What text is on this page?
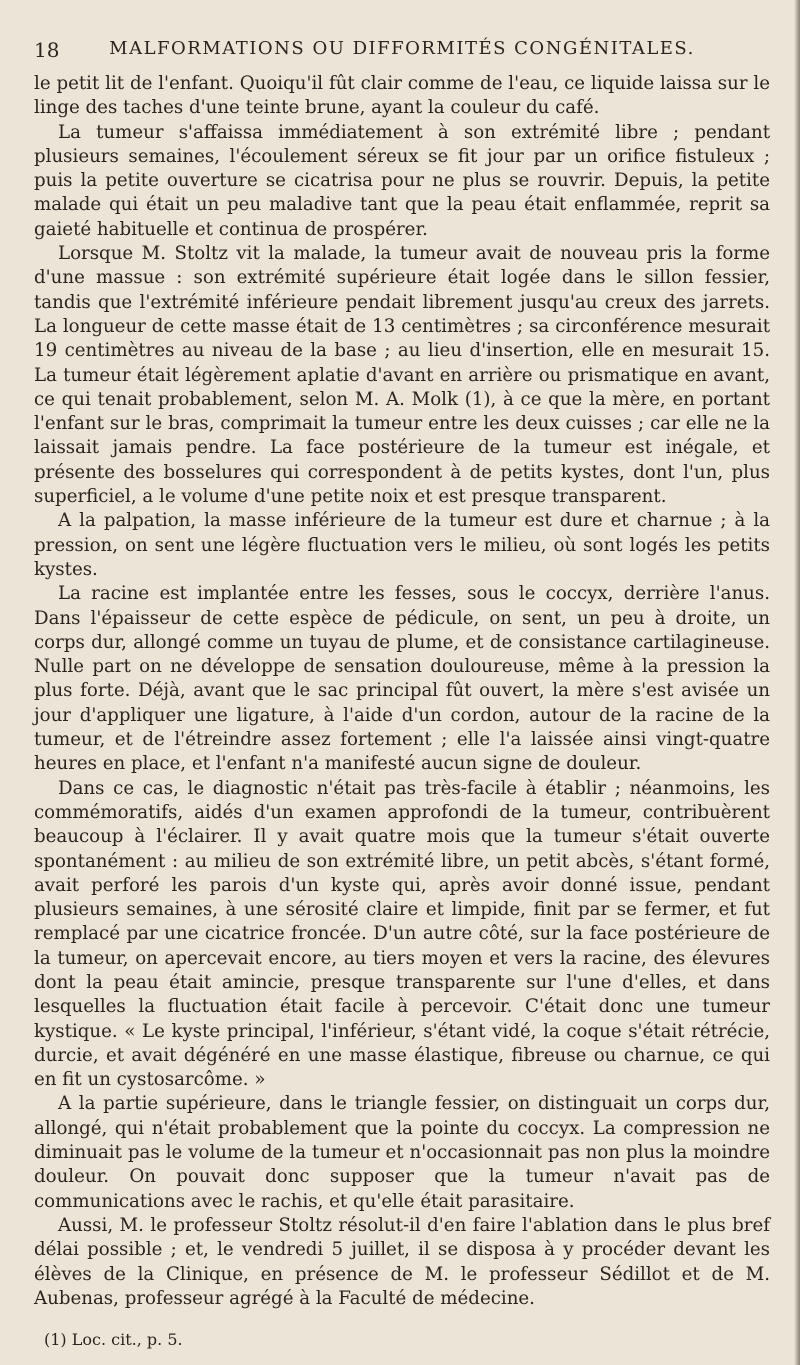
18	MALFORMATIONS OU DIFFORMITÉS CONGÉNITALES.

le petit lit de l'enfant. Quoiqu'il fût clair comme de l'eau, ce liquide laissa sur le linge des taches d'une teinte brune, ayant la couleur du café.

La tumeur s'affaissa immédiatement à son extrémité libre ; pendant plusieurs semaines, l'écoulement séreux se fit jour par un orifice fistuleux ; puis la petite ouverture se cicatrisa pour ne plus se rouvrir. Depuis, la petite malade qui était un peu maladive tant que la peau était enflammée, reprit sa gaieté habituelle et continua de prospérer.

Lorsque M. Stoltz vit la malade, la tumeur avait de nouveau pris la forme d'une massue : son extrémité supérieure était logée dans le sillon fessier, tandis que l'extrémité inférieure pendait librement jusqu'au creux des jarrets. La longueur de cette masse était de 13 centimètres ; sa circonférence mesurait 19 centimètres au niveau de la base ; au lieu d'insertion, elle en mesurait 15. La tumeur était légèrement aplatie d'avant en arrière ou prismatique en avant, ce qui tenait probablement, selon M. A. Molk (1), à ce que la mère, en portant l'enfant sur le bras, comprimait la tumeur entre les deux cuisses ; car elle ne la laissait jamais pendre. La face postérieure de la tumeur est inégale, et présente des bosselures qui correspondent à de petits kystes, dont l'un, plus superficiel, a le volume d'une petite noix et est presque transparent.

A la palpation, la masse inférieure de la tumeur est dure et charnue ; à la pression, on sent une légère fluctuation vers le milieu, où sont logés les petits kystes.

La racine est implantée entre les fesses, sous le coccyx, derrière l'anus. Dans l'épaisseur de cette espèce de pédicule, on sent, un peu à droite, un corps dur, allongé comme un tuyau de plume, et de consistance cartilagineuse. Nulle part on ne développe de sensation douloureuse, même à la pression la plus forte. Déjà, avant que le sac principal fût ouvert, la mère s'est avisée un jour d'appliquer une ligature, à l'aide d'un cordon, autour de la racine de la tumeur, et de l'étreindre assez fortement ; elle l'a laissée ainsi vingt-quatre heures en place, et l'enfant n'a manifesté aucun signe de douleur.

Dans ce cas, le diagnostic n'était pas très-facile à établir ; néanmoins, les commémoratifs, aidés d'un examen approfondi de la tumeur, contribuèrent beaucoup à l'éclairer. Il y avait quatre mois que la tumeur s'était ouverte spontanément : au milieu de son extrémité libre, un petit abcès, s'étant formé, avait perforé les parois d'un kyste qui, après avoir donné issue, pendant plusieurs semaines, à une sérosité claire et limpide, finit par se fermer, et fut remplacé par une cicatrice froncée. D'un autre côté, sur la face postérieure de la tumeur, on apercevait encore, au tiers moyen et vers la racine, des élevures dont la peau était amincie, presque transparente sur l'une d'elles, et dans lesquelles la fluctuation était facile à percevoir. C'était donc une tumeur kystique. « Le kyste principal, l'inférieur, s'étant vidé, la coque s'était rétrécie, durcie, et avait dégénéré en une masse élastique, fibreuse ou charnue, ce qui en fit un cystosarcôme. »

A la partie supérieure, dans le triangle fessier, on distinguait un corps dur, allongé, qui n'était probablement que la pointe du coccyx. La compression ne diminuait pas le volume de la tumeur et n'occasionnait pas non plus la moindre douleur. On pouvait donc supposer que la tumeur n'avait pas de communications avec le rachis, et qu'elle était parasitaire.

Aussi, M. le professeur Stoltz résolut-il d'en faire l'ablation dans le plus bref délai possible ; et, le vendredi 5 juillet, il se disposa à y procéder devant les élèves de la Clinique, en présence de M. le professeur Sédillot et de M. Aubenas, professeur agrégé à la Faculté de médecine.

(1) Loc. cit., p. 5.
